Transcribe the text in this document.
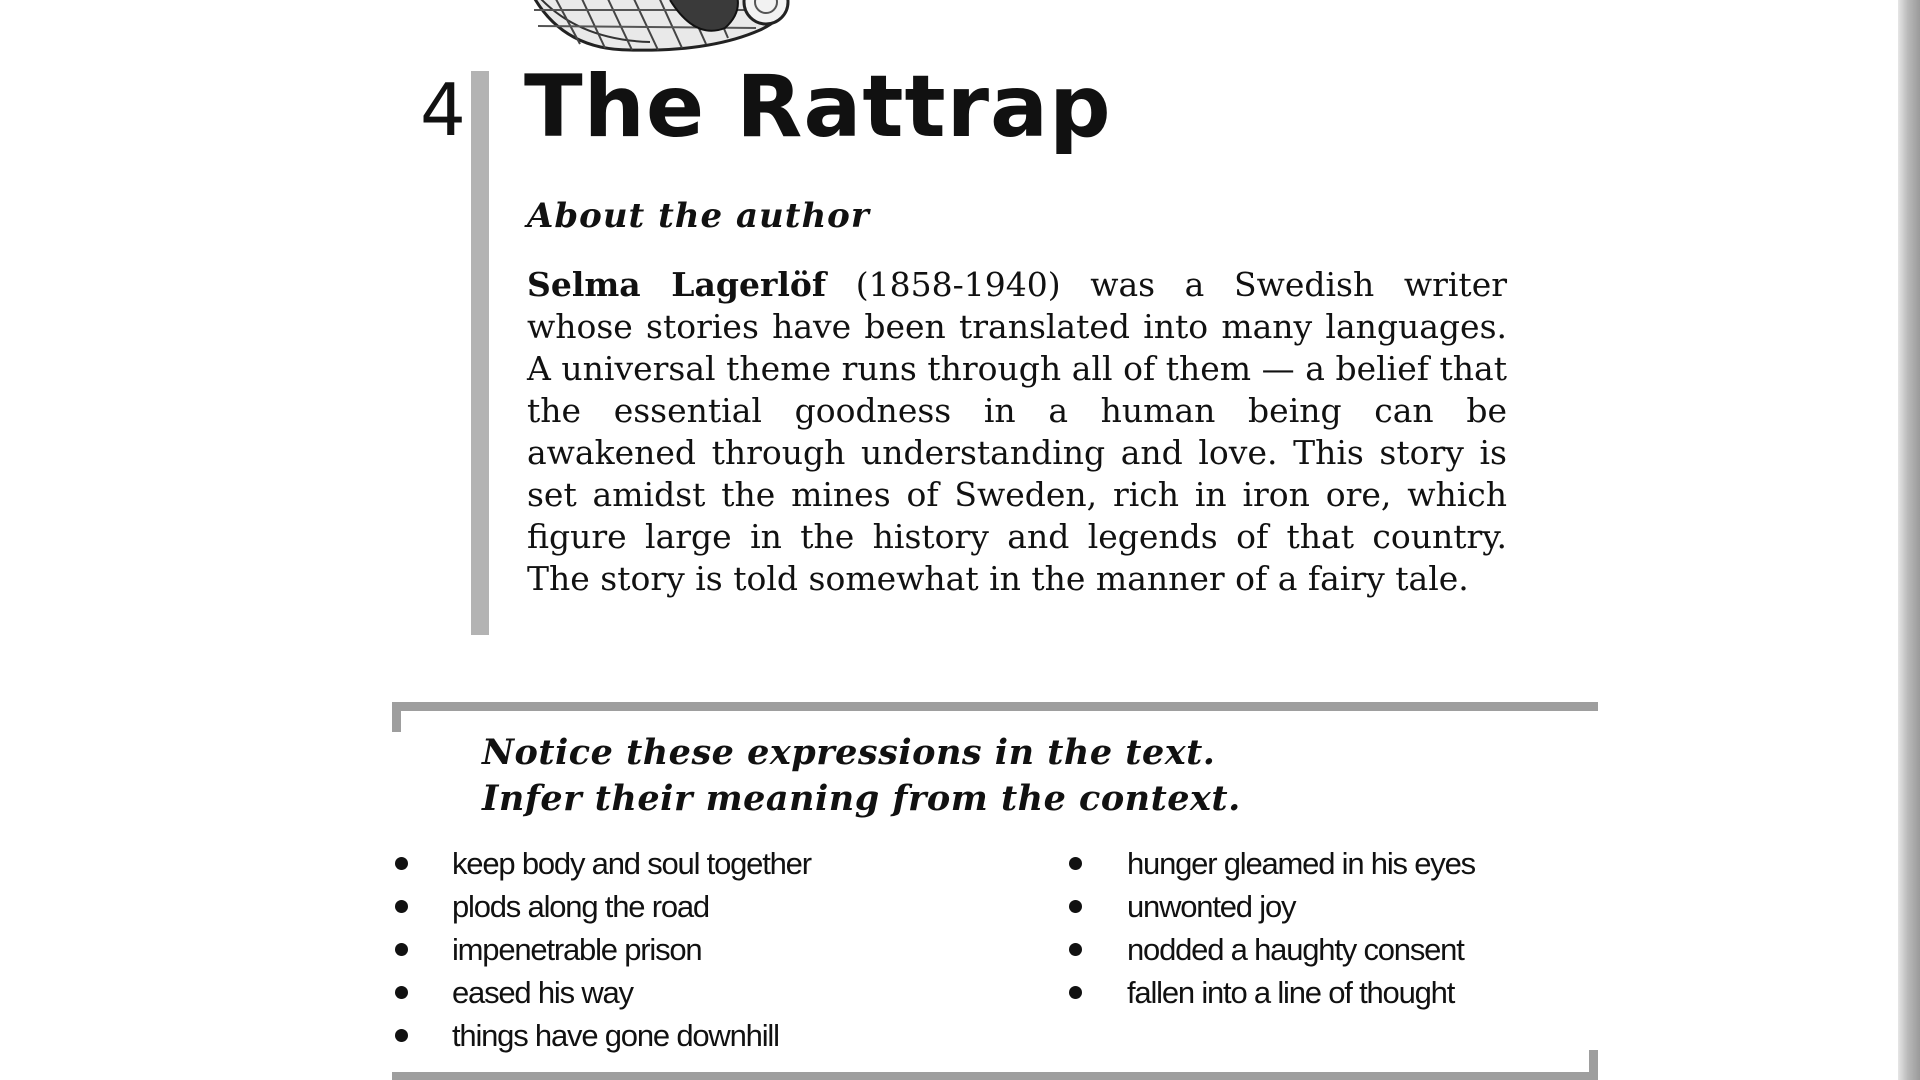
4 The Rattrap
About the author

Selma Lagerlöf (1858-1940) was a Swedish writer whose stories have been translated into many languages. A universal theme runs through all of them — a belief that the essential goodness in a human being can be awakened through understanding and love. This story is set amidst the mines of Sweden, rich in iron ore, which figure large in the history and legends of that country. The story is told somewhat in the manner of a fairy tale.

Notice these expressions in the text.
Infer their meaning from the context.
keep body and soul together
plods along the road
impenetrable prison
eased his way
things have gone downhill
hunger gleamed in his eyes
unwonted joy
nodded a haughty consent
fallen into a line of thought
